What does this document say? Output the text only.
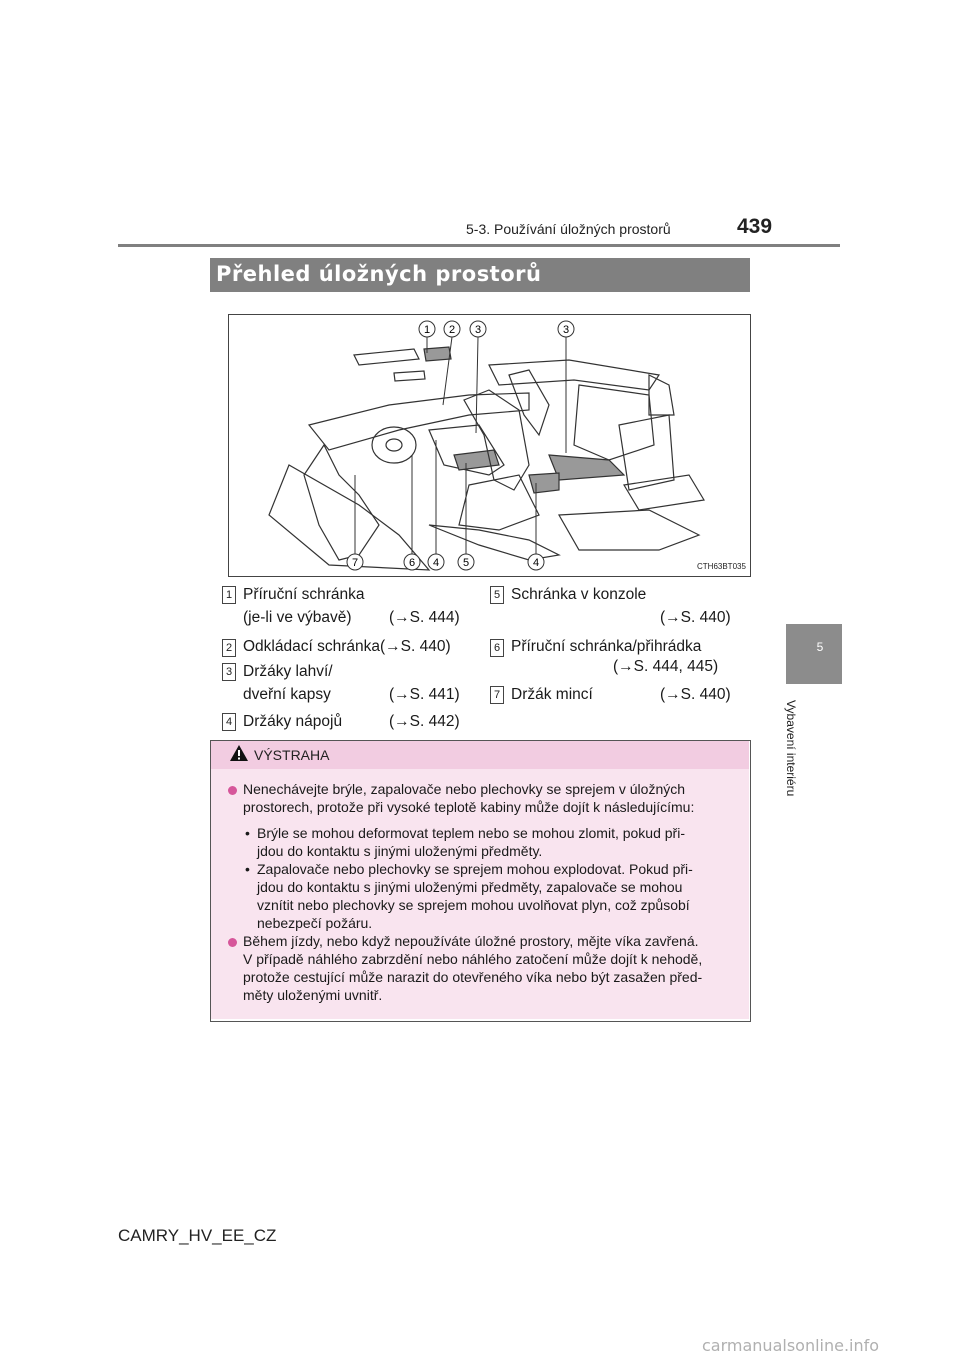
5-3. Používání úložných prostorů	439
5
Vybavení interiéru
Přehled úložných prostorů
1 2 3	3
7	6 4 5	4	CTH63BT035
1 Příruční schránka
(je-li ve výbavě) (→S. 444)
2 Odkládací schránka(→S. 440)
3 Držáky lahví/
dveřní kapsy	(→S. 441)
4 Držáky nápojů	(→S. 442)
5 Schránka v konzole
(→S. 440)
6 Příruční schránka/přihrádka
(→S. 444, 445)
7 Držák mincí	(→S. 440)
VÝSTRAHA
Nenechávejte brýle, zapalovače nebo plechovky se sprejem v úložných
prostorech, protože při vysoké teplotě kabiny může dojít k následujícímu:
• Brýle se mohou deformovat teplem nebo se mohou zlomit, pokud při-
jdou do kontaktu s jinými uloženými předměty.
• Zapalovače nebo plechovky se sprejem mohou explodovat. Pokud při-
jdou do kontaktu s jinými uloženými předměty, zapalovače se mohou
vznítit nebo plechovky se sprejem mohou uvolňovat plyn, což způsobí
nebezpečí požáru.
Během jízdy, nebo když nepoužíváte úložné prostory, mějte víka zavřená.
V případě náhlého zabrzdění nebo náhlého zatočení může dojít k nehodě,
protože cestující může narazit do otevřeného víka nebo být zasažen před-
měty uloženými uvnitř.
CAMRY_HV_EE_CZ
carmanualsonline.info
